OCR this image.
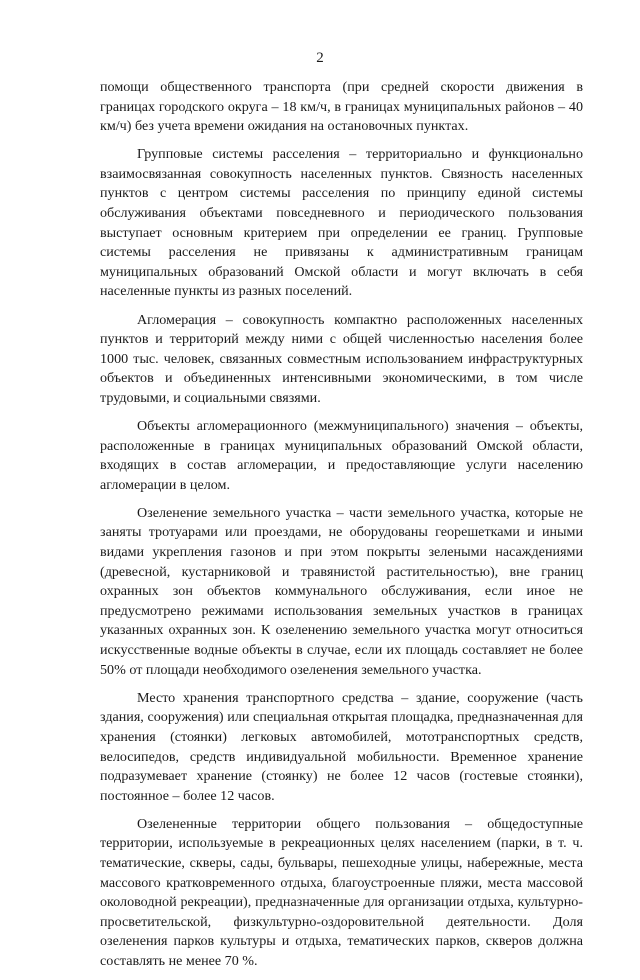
2

помощи общественного транспорта (при средней скорости движения в границах городского округа – 18 км/ч, в границах муниципальных районов – 40 км/ч) без учета времени ожидания на остановочных пунктах.

Групповые системы расселения – территориально и функционально взаимосвязанная совокупность населенных пунктов. Связность населенных пунктов с центром системы расселения по принципу единой системы обслуживания объектами повседневного и периодического пользования выступает основным критерием при определении ее границ. Групповые системы расселения не привязаны к административным границам муниципальных образований Омской области и могут включать в себя населенные пункты из разных поселений.

Агломерация – совокупность компактно расположенных населенных пунктов и территорий между ними с общей численностью населения более 1000 тыс. человек, связанных совместным использованием инфраструктурных объектов и объединенных интенсивными экономическими, в том числе трудовыми, и социальными связями.

Объекты агломерационного (межмуниципального) значения – объекты, расположенные в границах муниципальных образований Омской области, входящих в состав агломерации, и предоставляющие услуги населению агломерации в целом.

Озеленение земельного участка – части земельного участка, которые не заняты тротуарами или проездами, не оборудованы георешетками и иными видами укрепления газонов и при этом покрыты зелеными насаждениями (древесной, кустарниковой и травянистой растительностью), вне границ охранных зон объектов коммунального обслуживания, если иное не предусмотрено режимами использования земельных участков в границах указанных охранных зон. К озеленению земельного участка могут относиться искусственные водные объекты в случае, если их площадь составляет не более 50% от площади необходимого озеленения земельного участка.

Место хранения транспортного средства – здание, сооружение (часть здания, сооружения) или специальная открытая площадка, предназначенная для хранения (стоянки) легковых автомобилей, мототранспортных средств, велосипедов, средств индивидуальной мобильности. Временное хранение подразумевает хранение (стоянку) не более 12 часов (гостевые стоянки), постоянное – более 12 часов.

Озелененные территории общего пользования – общедоступные территории, используемые в рекреационных целях населением (парки, в т. ч. тематические, скверы, сады, бульвары, пешеходные улицы, набережные, места массового кратковременного отдыха, благоустроенные пляжи, места массовой околоводной рекреации), предназначенные для организации отдыха, культурно-просветительской, физкультурно-оздоровительной деятельности. Доля озеленения парков культуры и отдыха, тематических парков, скверов должна составлять не менее 70 %.
